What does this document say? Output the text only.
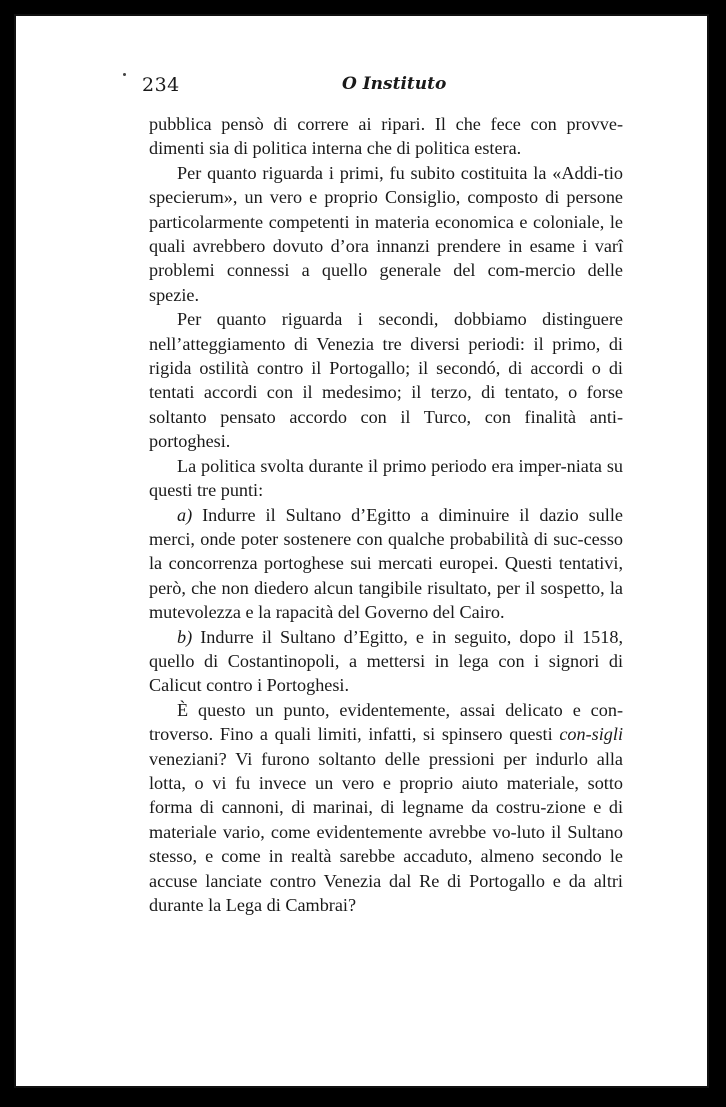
234	O Instituto

pubblica pensò di correre ai ripari. Il che fece con provve-dimenti sia di politica interna che di politica estera.

Per quanto riguarda i primi, fu subito costituita la «Addi-tio specierum», un vero e proprio Consiglio, composto di persone particolarmente competenti in materia economica e coloniale, le quali avrebbero dovuto d’ora innanzi prendere in esame i varî problemi connessi a quello generale del com-mercio delle spezie.

Per quanto riguarda i secondi, dobbiamo distinguere nell’atteggiamento di Venezia tre diversi periodi: il primo, di rigida ostilità contro il Portogallo; il secondó, di accordi o di tentati accordi con il medesimo; il terzo, di tentato, o forse soltanto pensato accordo con il Turco, con finalità anti-portoghesi.

La politica svolta durante il primo periodo era imper-niata su questi tre punti:

a) Indurre il Sultano d’Egitto a diminuire il dazio sulle merci, onde poter sostenere con qualche probabilità di suc-cesso la concorrenza portoghese sui mercati europei. Questi tentativi, però, che non diedero alcun tangibile risultato, per il sospetto, la mutevolezza e la rapacità del Governo del Cairo.

b) Indurre il Sultano d’Egitto, e in seguito, dopo il 1518, quello di Costantinopoli, a mettersi in lega con i signori di Calicut contro i Portoghesi.

È questo un punto, evidentemente, assai delicato e con-troverso. Fino a quali limiti, infatti, si spinsero questi con-sigli veneziani? Vi furono soltanto delle pressioni per indurlo alla lotta, o vi fu invece un vero e proprio aiuto materiale, sotto forma di cannoni, di marinai, di legname da costru-zione e di materiale vario, come evidentemente avrebbe vo-luto il Sultano stesso, e come in realtà sarebbe accaduto, almeno secondo le accuse lanciate contro Venezia dal Re di Portogallo e da altri durante la Lega di Cambrai?
